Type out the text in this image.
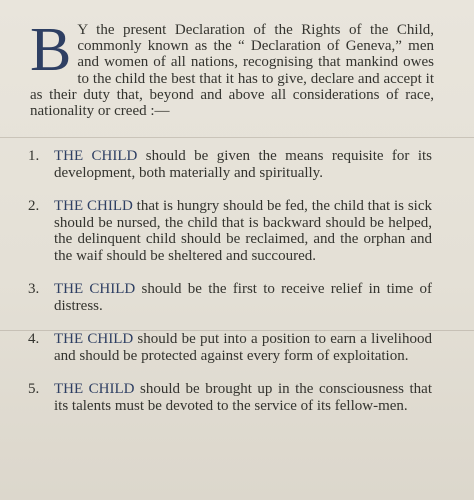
B Y the present Declaration of the Rights of the Child, commonly known as the “ Declaration of Geneva,” men and women of all nations, recognising that mankind owes to the child the best that it has to give, declare and accept it as their duty that, beyond and above all considerations of race, nationality or creed :—
1. THE CHILD should be given the means requisite for its development, both materially and spiritually.
2. THE CHILD that is hungry should be fed, the child that is sick should be nursed, the child that is backward should be helped, the delinquent child should be reclaimed, and the orphan and the waif should be sheltered and succoured.
3. THE CHILD should be the first to receive relief in time of distress.
4. THE CHILD should be put into a position to earn a livelihood and should be protected against every form of exploitation.
5. THE CHILD should be brought up in the consciousness that its talents must be devoted to the service of its fellow-men.
